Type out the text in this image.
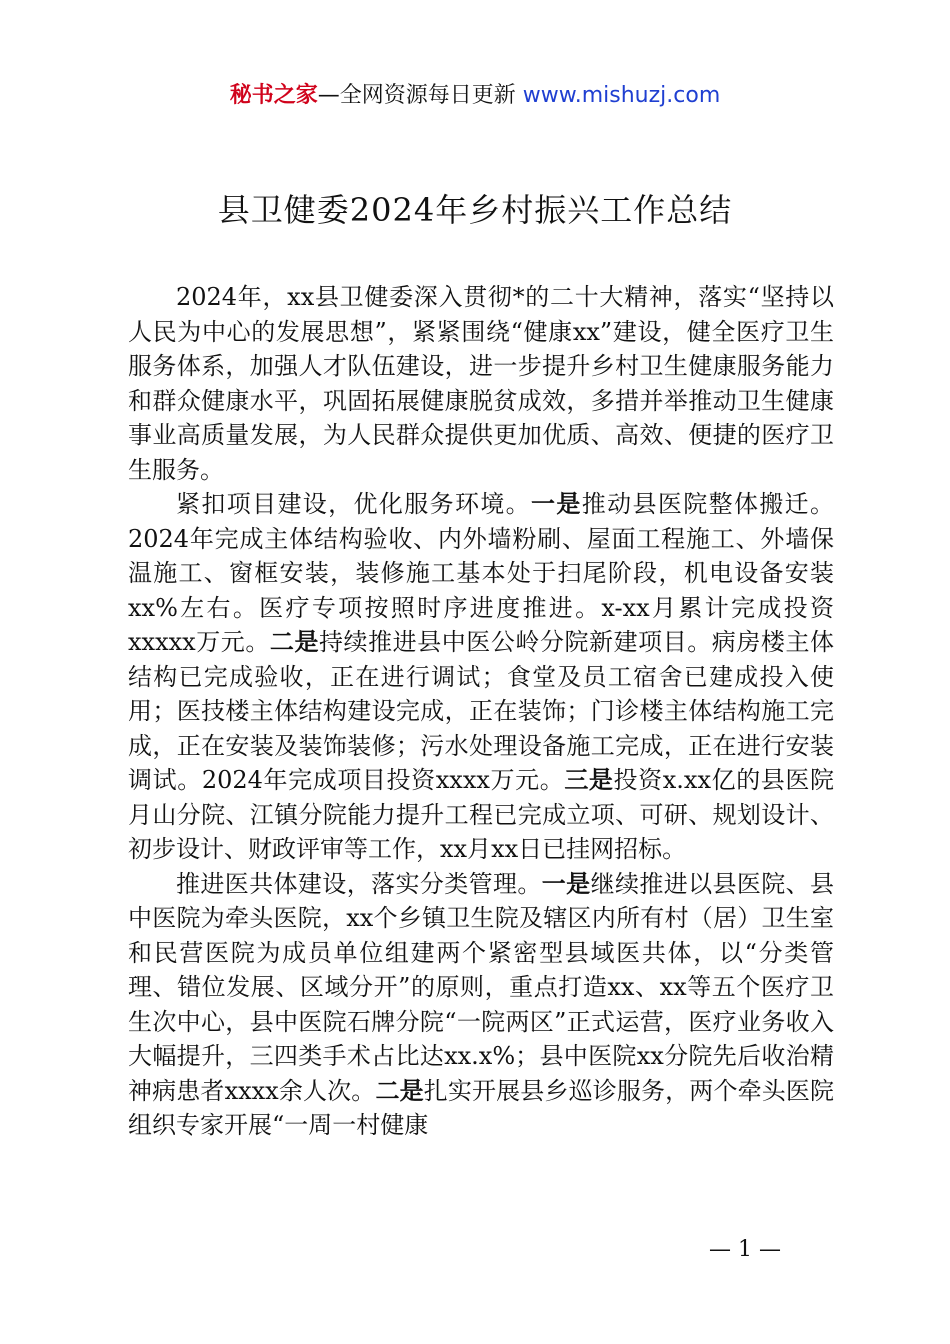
秘书之家—全网资源每日更新 www.mishuzj.com
县卫健委2024年乡村振兴工作总结

2024年，xx县卫健委深入贯彻*的二十大精神，落实“坚持以人民为中心的发展思想”，紧紧围绕“健康xx”建设，健全医疗卫生服务体系，加强人才队伍建设，进一步提升乡村卫生健康服务能力和群众健康水平，巩固拓展健康脱贫成效，多措并举推动卫生健康事业高质量发展，为人民群众提供更加优质、高效、便捷的医疗卫生服务。

紧扣项目建设，优化服务环境。一是推动县医院整体搬迁。2024年完成主体结构验收、内外墙粉刷、屋面工程施工、外墙保温施工、窗框安装，装修施工基本处于扫尾阶段，机电设备安装xx%左右。医疗专项按照时序进度推进。x-xx月累计完成投资xxxxx万元。二是持续推进县中医公岭分院新建项目。病房楼主体结构已完成验收，正在进行调试；食堂及员工宿舍已建成投入使用；医技楼主体结构建设完成，正在装饰；门诊楼主体结构施工完成，正在安装及装饰装修；污水处理设备施工完成，正在进行安装调试。2024年完成项目投资xxxx万元。三是投资x.xx亿的县医院月山分院、江镇分院能力提升工程已完成立项、可研、规划设计、初步设计、财政评审等工作，xx月xx日已挂网招标。

推进医共体建设，落实分类管理。一是继续推进以县医院、县中医院为牵头医院，xx个乡镇卫生院及辖区内所有村（居）卫生室和民营医院为成员单位组建两个紧密型县域医共体，以“分类管理、错位发展、区域分开”的原则，重点打造xx、xx等五个医疗卫生次中心，县中医院石牌分院“一院两区”正式运营，医疗业务收入大幅提升，三四类手术占比达xx.x%；县中医院xx分院先后收治精神病患者xxxx余人次。二是扎实开展县乡巡诊服务，两个牵头医院组织专家开展“一周一村健康

— 1 —
